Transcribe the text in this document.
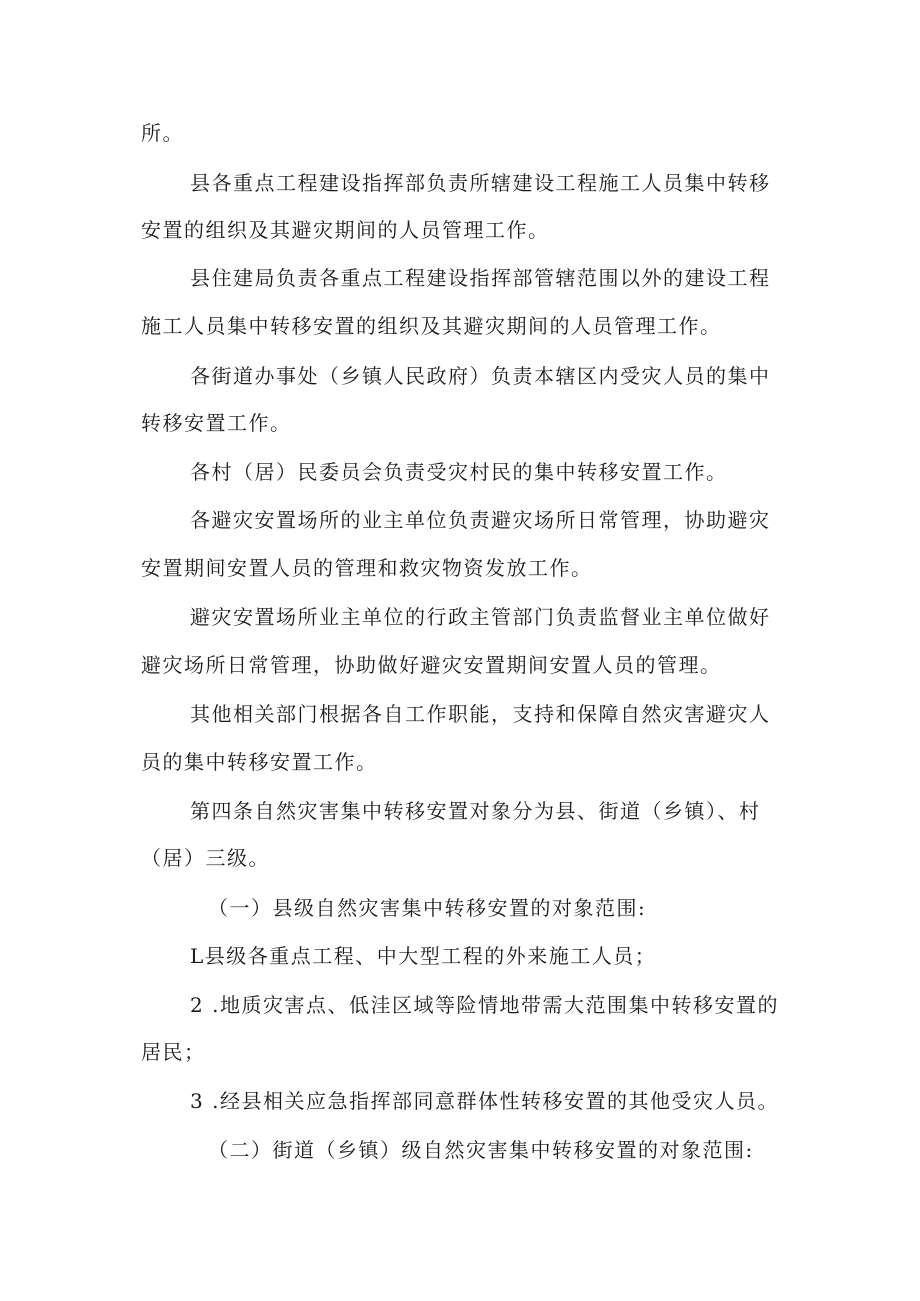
所。
县各重点工程建设指挥部负责所辖建设工程施工人员集中转移
安置的组织及其避灾期间的人员管理工作。
县住建局负责各重点工程建设指挥部管辖范围以外的建设工程
施工人员集中转移安置的组织及其避灾期间的人员管理工作。
各街道办事处（乡镇人民政府）负责本辖区内受灾人员的集中
转移安置工作。
各村（居）民委员会负责受灾村民的集中转移安置工作。
各避灾安置场所的业主单位负责避灾场所日常管理，协助避灾
安置期间安置人员的管理和救灾物资发放工作。
避灾安置场所业主单位的行政主管部门负责监督业主单位做好
避灾场所日常管理，协助做好避灾安置期间安置人员的管理。
其他相关部门根据各自工作职能，支持和保障自然灾害避灾人
员的集中转移安置工作。
第四条自然灾害集中转移安置对象分为县、街道（乡镇）、村
（居）三级。
（一）县级自然灾害集中转移安置的对象范围:
L县级各重点工程、中大型工程的外来施工人员；
2 .地质灾害点、低洼区域等险情地带需大范围集中转移安置的
居民；
3 .经县相关应急指挥部同意群体性转移安置的其他受灾人员。
（二）街道（乡镇）级自然灾害集中转移安置的对象范围:
